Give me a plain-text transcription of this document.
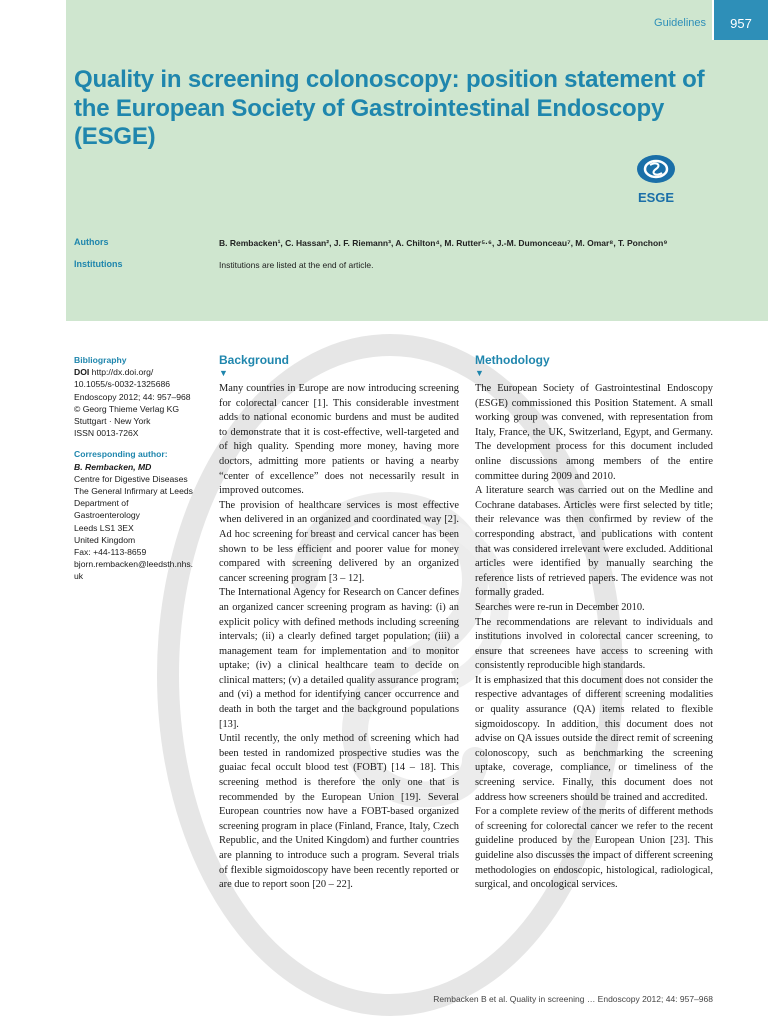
Guidelines	957
Quality in screening colonoscopy: position statement of the European Society of Gastrointestinal Endoscopy (ESGE)
ESGE
Authors	B. Rembacken¹, C. Hassan², J. F. Riemann³, A. Chilton⁴, M. Rutter⁵·⁶, J.-M. Dumonceau⁷, M. Omar⁸, T. Ponchon⁹
Institutions	Institutions are listed at the end of article.
Bibliography
DOI http://dx.doi.org/
10.1055/s-0032-1325686
Endoscopy 2012; 44: 957–968
© Georg Thieme Verlag KG
Stuttgart · New York
ISSN 0013-726X
Corresponding author:
B. Rembacken, MD
Centre for Digestive Diseases
The General Infirmary at Leeds
Department of
Gastroenterology
Leeds LS1 3EX
United Kingdom
Fax: +44-113-8659
bjorn.rembacken@leedsth.nhs.
uk
Background
▼

Many countries in Europe are now introducing screening for colorectal cancer [1]. This considerable investment adds to national economic burdens and must be audited to demonstrate that it is cost-effective, well-targeted and of high quality. Spending more money, having more doctors, admitting more patients or having a nearby “center of excellence” does not necessarily result in improved outcomes.

The provision of healthcare services is most effective when delivered in an organized and coordinated way [2]. Ad hoc screening for breast and cervical cancer has been shown to be less efficient and poorer value for money compared with screening delivered by an organized cancer screening program [3 – 12].

The International Agency for Research on Cancer defines an organized cancer screening program as having: (i) an explicit policy with defined methods including screening intervals; (ii) a clearly defined target population; (iii) a management team for implementation and to monitor uptake; (iv) a clinical healthcare team to decide on clinical matters; (v) a detailed quality assurance program; and (vi) a method for identifying cancer occurrence and death in both the target and the background populations [13].

Until recently, the only method of screening which had been tested in randomized prospective studies was the guaiac fecal occult blood test (FOBT) [14 – 18]. This screening method is therefore the only one that is recommended by the European Union [19]. Several European countries now have a FOBT-based organized screening program in place (Finland, France, Italy, Czech Republic, and the United Kingdom) and further countries are planning to introduce such a program. Several trials of flexible sigmoidoscopy have been recently reported or are due to report soon [20 – 22].

Methodology
▼

The European Society of Gastrointestinal Endoscopy (ESGE) commissioned this Position Statement. A small working group was convened, with representation from Italy, France, the UK, Switzerland, Egypt, and Germany. The development process for this document included online discussions among members of the entire committee during 2009 and 2010.

A literature search was carried out on the Medline and Cochrane databases. Articles were first selected by title; their relevance was then confirmed by review of the corresponding abstract, and publications with content that was considered irrelevant were excluded. Additional articles were identified by manually searching the reference lists of retrieved papers. The evidence was not formally graded.

Searches were re-run in December 2010.

The recommendations are relevant to individuals and institutions involved in colorectal cancer screening, to ensure that screenees have access to screening with consistently reproducible high standards.

It is emphasized that this document does not consider the respective advantages of different screening modalities or quality assurance (QA) items related to flexible sigmoidoscopy. In addition, this document does not advise on QA issues outside the direct remit of screening colonoscopy, such as benchmarking the screening uptake, coverage, compliance, or timeliness of the screening service. Finally, this document does not address how screeners should be trained and accredited.

For a complete review of the merits of different methods of screening for colorectal cancer we refer to the recent guideline produced by the European Union [23]. This guideline also discusses the impact of different screening methodologies on endoscopic, histological, radiological, surgical, and oncological services.

Rembacken B et al. Quality in screening … Endoscopy 2012; 44: 957–968
